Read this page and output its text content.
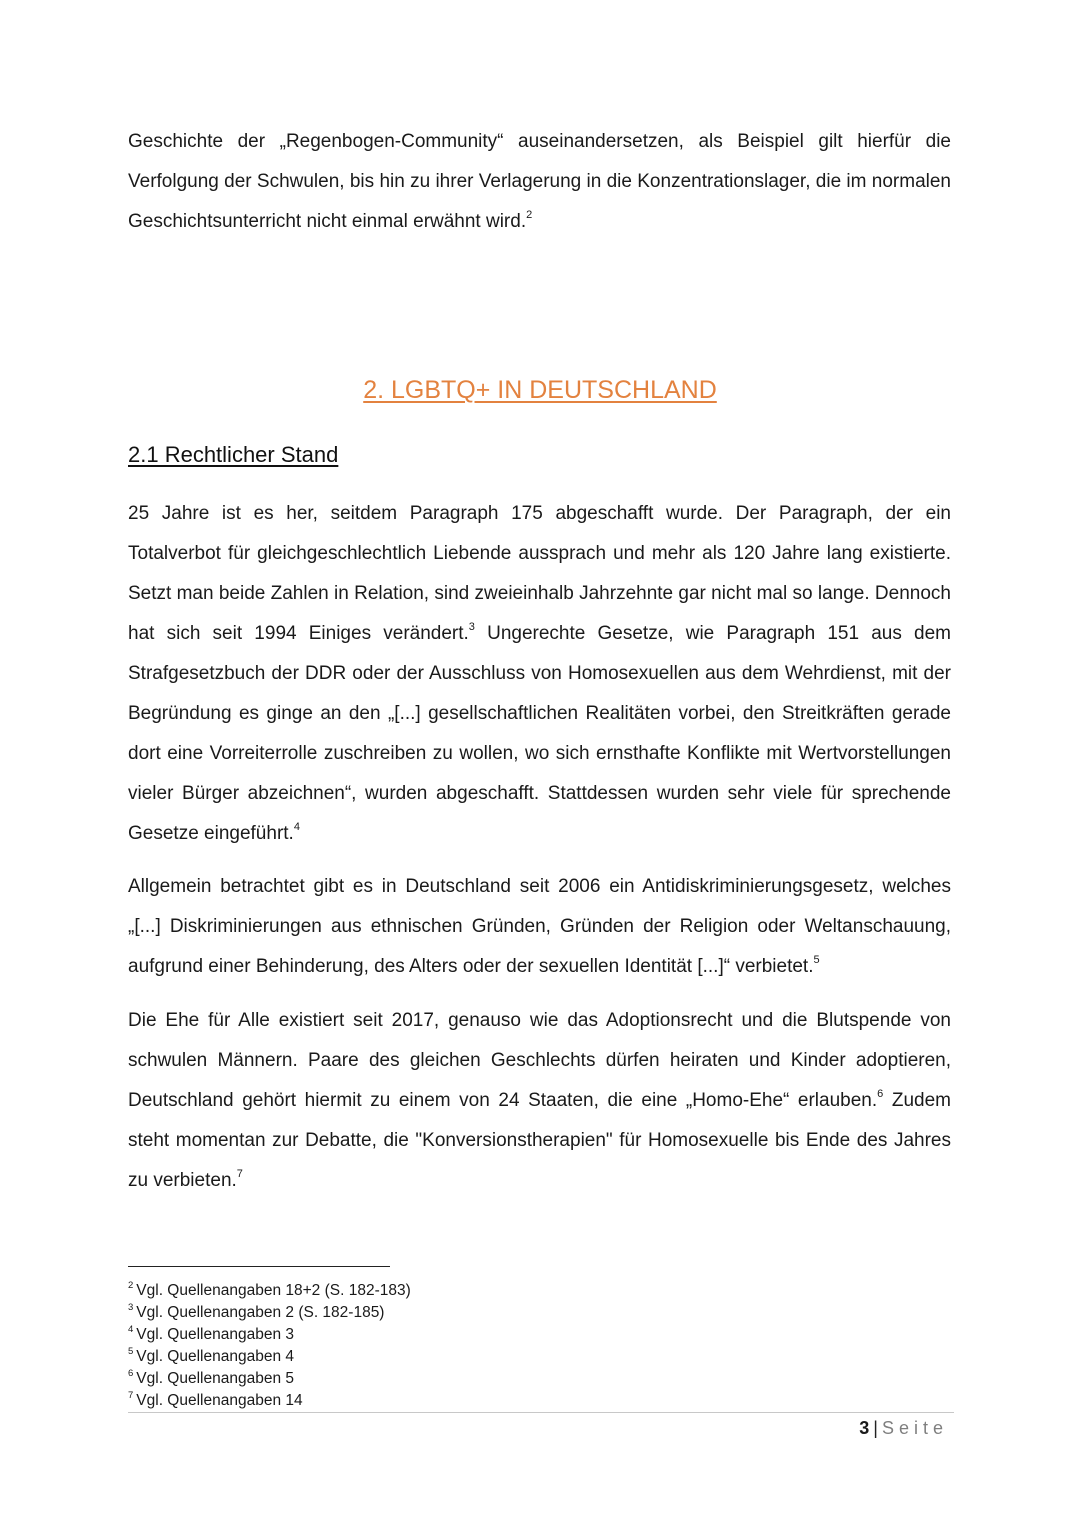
Geschichte der „Regenbogen-Community“ auseinandersetzen, als Beispiel gilt hierfür die Verfolgung der Schwulen, bis hin zu ihrer Verlagerung in die Konzentrationslager, die im normalen Geschichtsunterricht nicht einmal erwähnt wird.$^2$

2. LGBTQ+ IN DEUTSCHLAND
2.1 Rechtlicher Stand

25 Jahre ist es her, seitdem Paragraph 175 abgeschafft wurde. Der Paragraph, der ein Totalverbot für gleichgeschlechtlich Liebende aussprach und mehr als 120 Jahre lang existierte. Setzt man beide Zahlen in Relation, sind zweieinhalb Jahrzehnte gar nicht mal so lange. Dennoch hat sich seit 1994 Einiges verändert.$^3$ Ungerechte Gesetze, wie Paragraph 151 aus dem Strafgesetzbuch der DDR oder der Ausschluss von Homosexuellen aus dem Wehrdienst, mit der Begründung es ginge an den „[...] gesellschaftlichen Realitäten vorbei, den Streitkräften gerade dort eine Vorreiterrolle zuschreiben zu wollen, wo sich ernsthafte Konflikte mit Wertvorstellungen vieler Bürger abzeichnen“, wurden abgeschafft. Stattdessen wurden sehr viele für sprechende Gesetze eingeführt.$^4$

Allgemein betrachtet gibt es in Deutschland seit 2006 ein Antidiskriminierungsgesetz, welches „[...] Diskriminierungen aus ethnischen Gründen, Gründen der Religion oder Weltanschauung, aufgrund einer Behinderung, des Alters oder der sexuellen Identität [...]“ verbietet.$^5$

Die Ehe für Alle existiert seit 2017, genauso wie das Adoptionsrecht und die Blutspende von schwulen Männern. Paare des gleichen Geschlechts dürfen heiraten und Kinder adoptieren, Deutschland gehört hiermit zu einem von 24 Staaten, die eine „Homo-Ehe“ erlauben.$^6$ Zudem steht momentan zur Debatte, die "Konversionstherapien" für Homosexuelle bis Ende des Jahres zu verbieten.$^7$

$^2$ Vgl. Quellenangaben 18+2 (S. 182-183)
$^3$ Vgl. Quellenangaben 2 (S. 182-185)
$^4$ Vgl. Quellenangaben 3
$^5$ Vgl. Quellenangaben 4
$^6$ Vgl. Quellenangaben 5
$^7$ Vgl. Quellenangaben 14
3 | Seite
